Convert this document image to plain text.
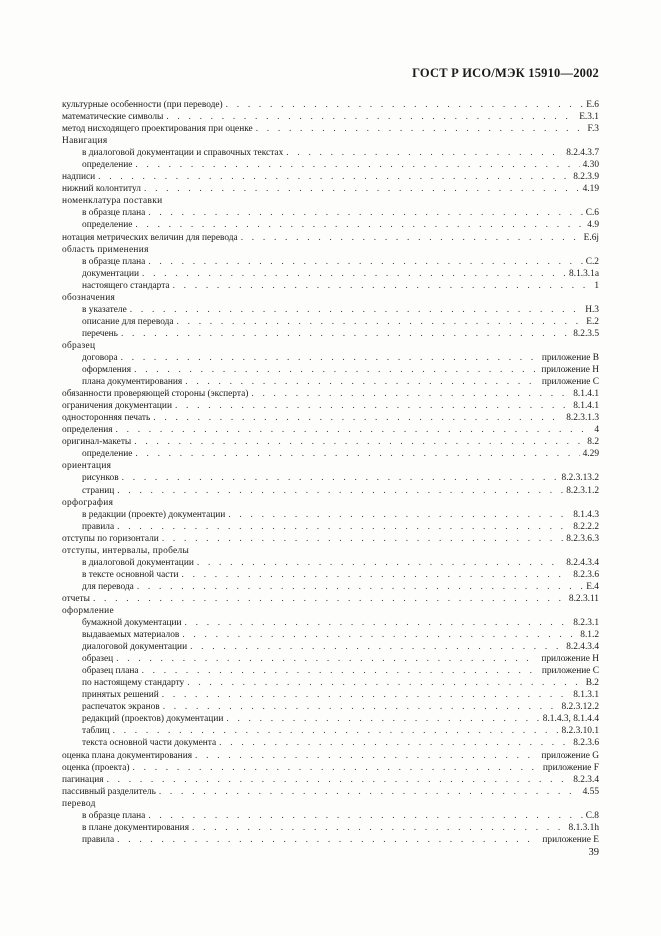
ГОСТ Р ИСО/МЭК 15910—2002
культурные особенности (при переводе) . . .	Е.6
математические символы . . .	Е.3.1
метод нисходящего проектирования при оценке . . .	F.3
Навигация
в диалоговой документации и справочных текстах . . .	8.2.4.3.7
определение . . .	4.30
надписи . . .	8.2.3.9
нижний колонтитул . . .	4.19
номенклатура поставки
в образце плана . . .	С.6
определение . . .	4.9
нотация метрических величин для перевода . . .	Е.6j
область применения
в образце плана . . .	С.2
документации . . .	8.1.3.1а
настоящего стандарта . . .	1
обозначения
в указателе . . .	Н.3
описание для перевода . . .	Е.2
перечень . . .	8.2.3.5
образец
договора . . .	приложение В
оформления . . .	приложение Н
плана документирования . . .	приложение С
обязанности проверяющей стороны (эксперта) . . .	8.1.4.1
ограничения документации . . .	8.1.4.1
односторонняя печать . . .	8.2.3.1.3
определения . . .	4
оригинал-макеты . . .	8.2
определение . . .	4.29
ориентация
рисунков . . .	8.2.3.13.2
страниц . . .	8.2.3.1.2
орфография
в редакции (проекте) документации . . .	8.1.4.3
правила . . .	8.2.2.2
отступы по горизонтали . . .	8.2.3.6.3
отступы, интервалы, пробелы
в диалоговой документации . . .	8.2.4.3.4
в тексте основной части . . .	8.2.3.6
для перевода . . .	Е.4
отчеты . . .	8.2.3.11
оформление
бумажной документации . . .	8.2.3.1
выдаваемых материалов . . .	8.1.2
диалоговой документации . . .	8.2.4.3.4
образец . . .	приложение Н
образец плана . . .	приложение С
по настоящему стандарту . . .	В.2
принятых решений . . .	8.1.3.1
распечаток экранов . . .	8.2.3.12.2
редакций (проектов) документации . . .	8.1.4.3, 8.1.4.4
таблиц . . .	8.2.3.10.1
текста основной части документа . . .	8.2.3.6
оценка плана документирования . . .	приложение G
оценка (проекта) . . .	приложение F
пагинация . . .	8.2.3.4
пассивный разделитель . . .	4.55
перевод
в образце плана . . .	С.8
в плане документирования . . .	8.1.3.1h
правила . . .	приложение Е
39
